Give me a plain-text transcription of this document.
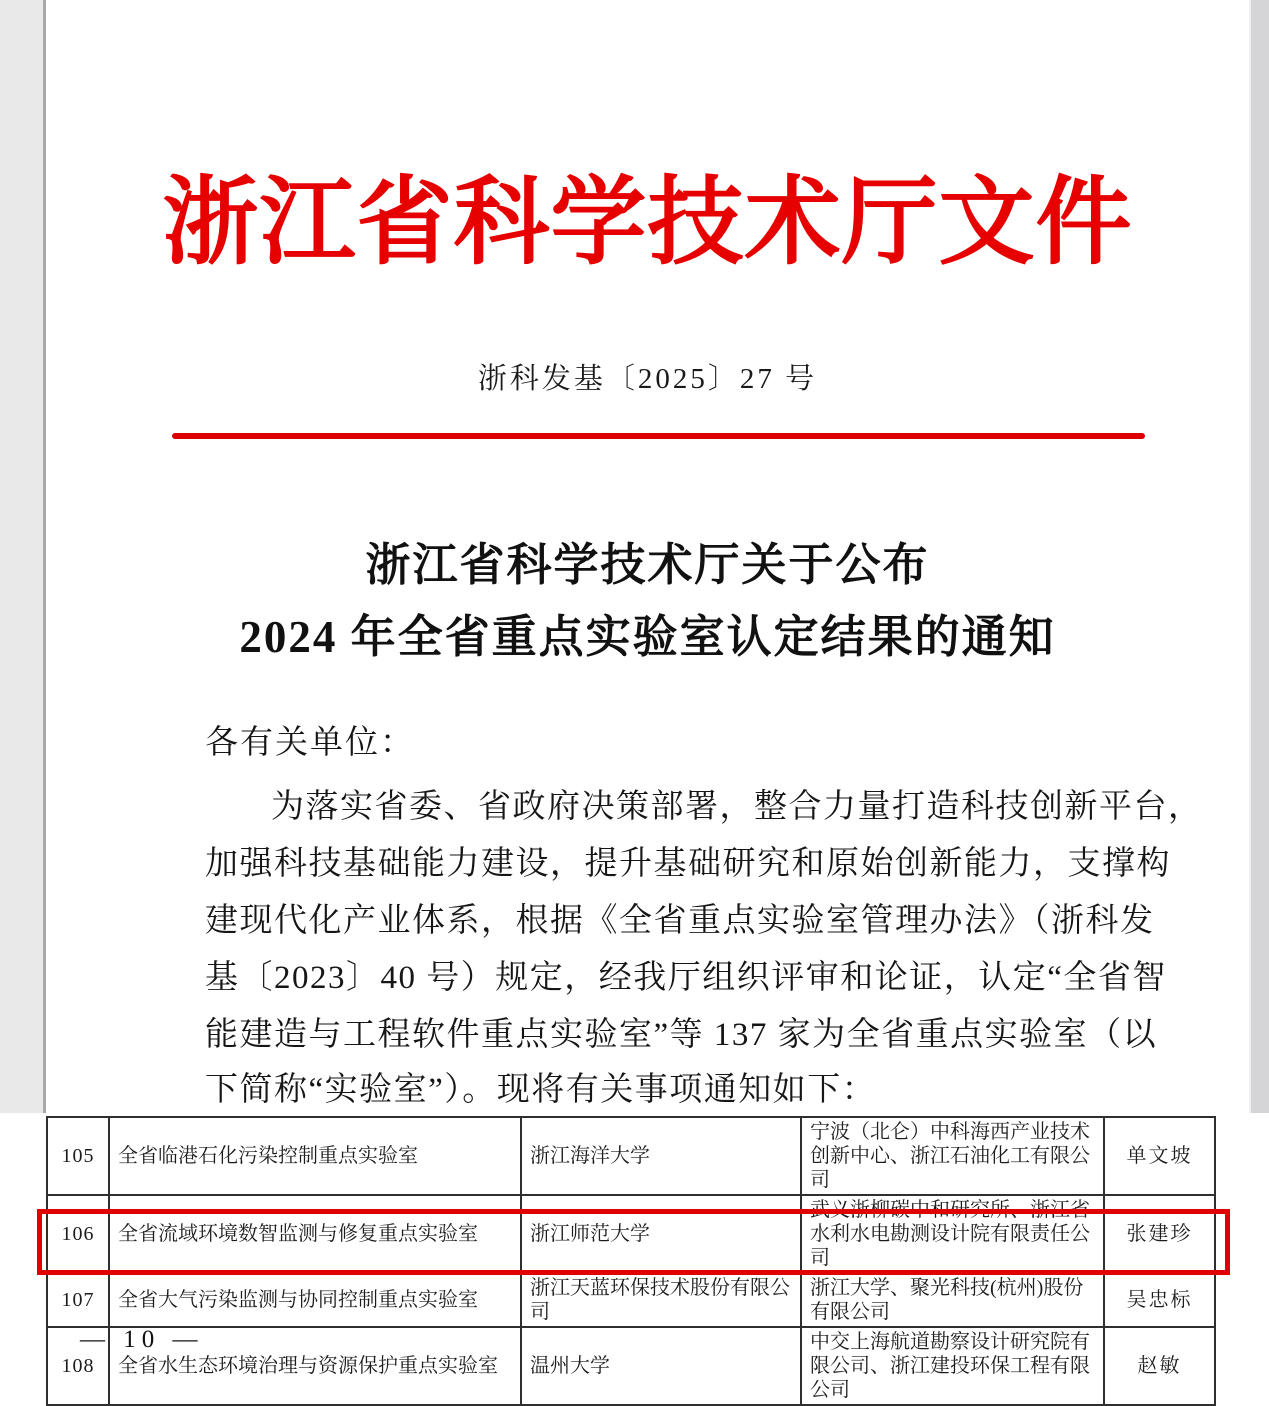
浙江省科学技术厅文件
浙科发基〔2025〕27 号
浙江省科学技术厅关于公布
2024 年全省重点实验室认定结果的通知
各有关单位：
为落实省委、省政府决策部署，整合力量打造科技创新平台，
加强科技基础能力建设，提升基础研究和原始创新能力，支撑构
建现代化产业体系，根据《全省重点实验室管理办法》（浙科发
基〔2023〕40 号）规定，经我厅组织评审和论证，认定“全省智
能建造与工程软件重点实验室”等 137 家为全省重点实验室（以
下简称“实验室”）。现将有关事项通知如下：
105	全省临港石化污染控制重点实验室	浙江海洋大学	宁波（北仑）中科海西产业技术创新中心、浙江石油化工有限公司	单文坡
106	全省流域环境数智监测与修复重点实验室	浙江师范大学	武义浙柳碳中和研究所、浙江省水利水电勘测设计院有限责任公司	张建珍
107	全省大气污染监测与协同控制重点实验室	浙江天蓝环保技术股份有限公司	浙江大学、聚光科技(杭州)股份有限公司	吴忠标
108	全省水生态环境治理与资源保护重点实验室	温州大学	中交上海航道勘察设计研究院有限公司、浙江建投环保工程有限公司	赵敏
— 10 —
